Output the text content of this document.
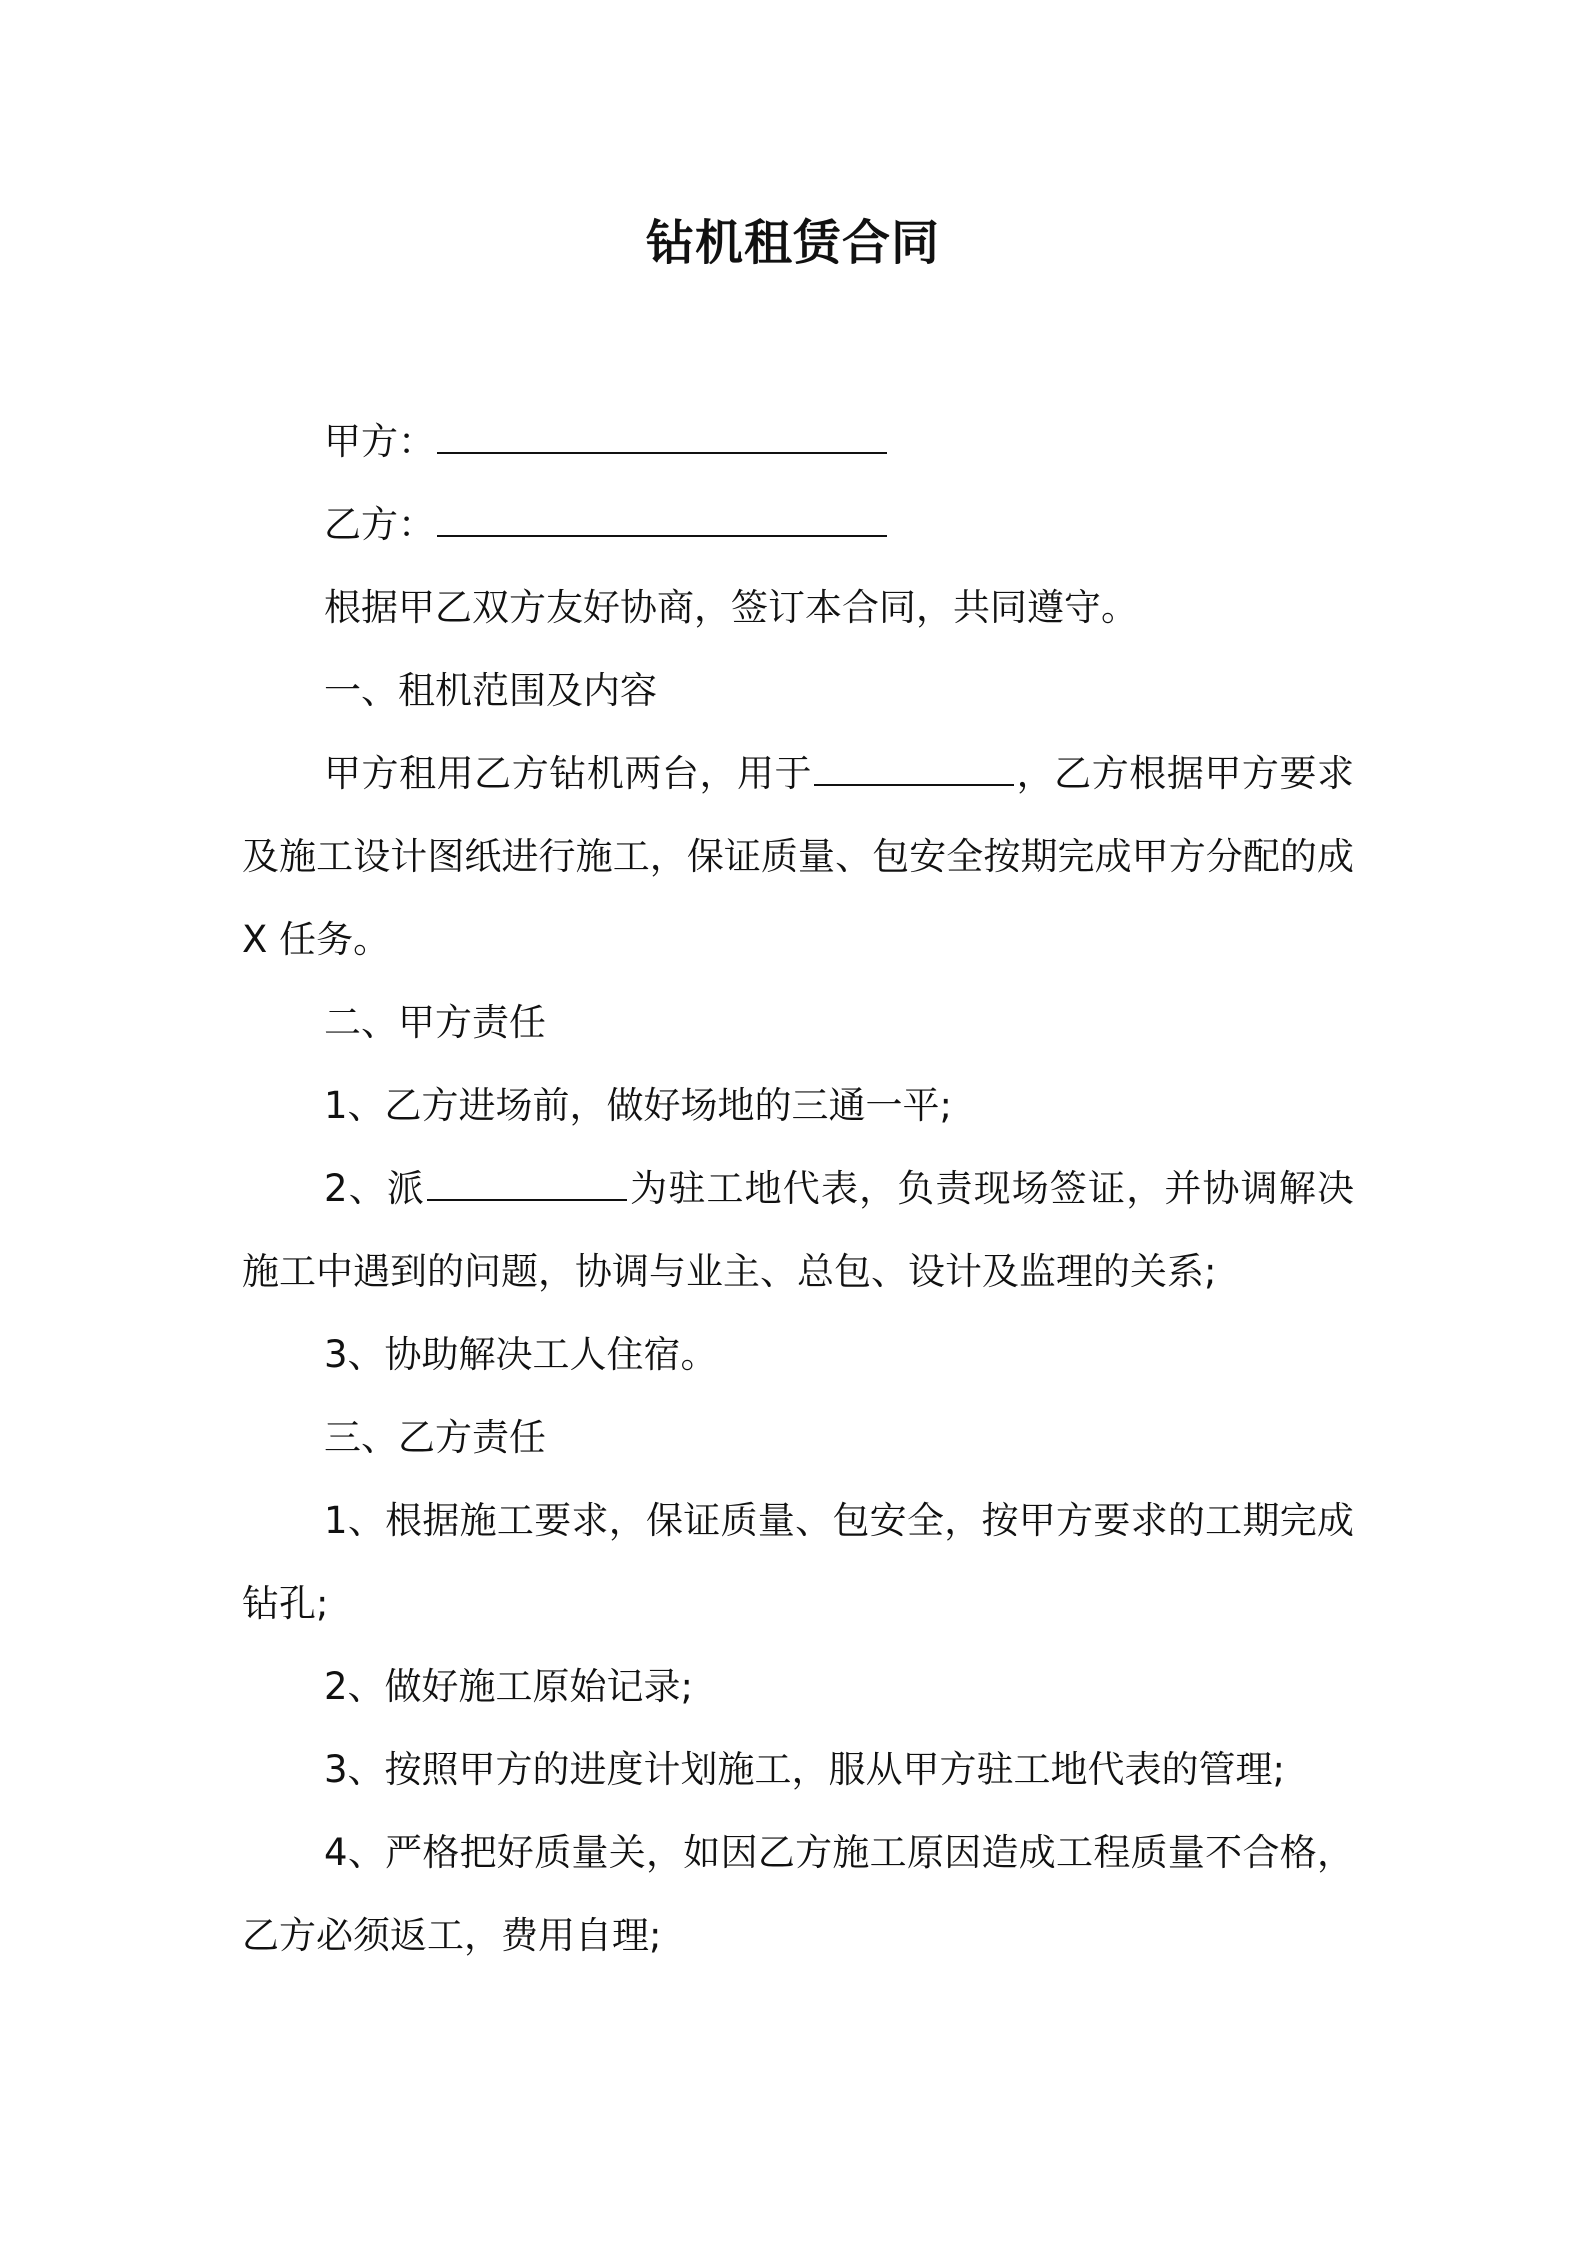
钻机租赁合同

甲方：

乙方：

根据甲乙双方友好协商，签订本合同，共同遵守。

一、租机范围及内容

甲方租用乙方钻机两台，用于	，乙方根据甲方要求及施工设计图纸进行施工，保证质量、包安全按期完成甲方分配的成 X 任务。

二、甲方责任

1、乙方进场前，做好场地的三通一平;

2、派	为驻工地代表，负责现场签证，并协调解决施工中遇到的问题，协调与业主、总包、设计及监理的关系;

3、协助解决工人住宿。

三、乙方责任

1、根据施工要求，保证质量、包安全，按甲方要求的工期完成钻孔;

2、做好施工原始记录;

3、按照甲方的进度计划施工，服从甲方驻工地代表的管理;

4、严格把好质量关，如因乙方施工原因造成工程质量不合格，乙方必须返工，费用自理;
